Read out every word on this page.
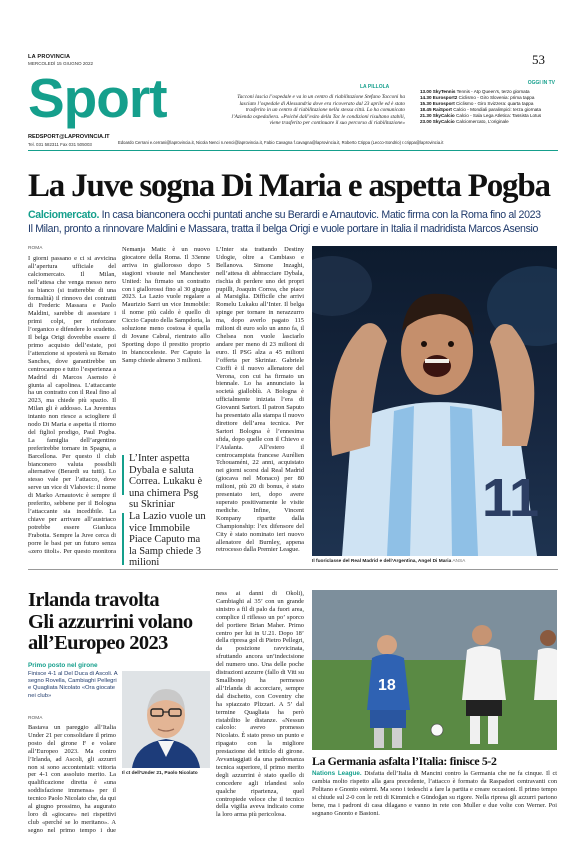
LA PROVINCIA
MERCOLEDÌ 15 GIUGNO 2022	53
Sport
REDSPORT@LAPROVINCIA.IT
Tel. 031 582311 Fax 031 505003
LA PILLOLA
Tacconi lascia l’ospedale e va in un centro di riabilitazione Stefano Tacconi ha lasciato l’ospedale di Alessandria dove era ricoverato dal 23 aprile ed è stato trasferito in un centro di riabilitazione nella stessa città. Lo ha comunicato l’Azienda ospedaliera. «Poiché dall’esito della Tac le condizioni risultano stabili, viene trasferito per continuare il suo percorso di riabilitazione»
OGGI IN TV
13.00 SkyTennis Tennis - Atp Queen’s, terzo giornata
14.30 Eurosport2 Ciclismo - Giro Slovenia: prima tappa
15.30 Eurosport Ciclismo - Giro Svizzera: quarta tappa
18.45 RaiSport Calcio - Mondiali paralimpici: terza giornata
21.30 SkyCalcio Calcio - Sala Lega Atletica: Tassista Lotus
23.00 SkyCalcio Calciomercato, L’originale
Edoardo Cerrani e.cerrani@laprovincia.it, Nicola Nenci n.nenci@laprovincia.it, Fabio Cavagna f.cavagna@laprovincia.it, Roberto Crippa (Lecco-Sondrio) r.crippa@laprovincia.it
La Juve sogna Di Maria e aspetta Pogba
Calciomercato. In casa bianconera occhi puntati anche su Berardi e Arnautovic. Matic firma con la Roma fino al 2023
Il Milan, pronto a rinnovare Maldini e Massara, tratta il belga Origi e vuole portare in Italia il madridista Marcos Asensio
ROMA
I giorni passano e ci si avvicina all’apertura ufficiale del calciomercato. Il Milan, nell’attesa che venga messo nero su bianco (si tratterebbe di una formalità) il rinnovo dei contratti di Frederic Massara e Paolo Maldini, sarebbe di assestare i primi colpi, per rinforzare l’organico e difendere lo scudetto. Il belga Origi dovrebbe essere il primo acquisto dell’estate, poi l’attenzione si sposterà su Renato Sanches, dove garantirebbe un centrocampo e tutto l’esperienza a Madrid di Marcos Asensio è giunta al capolinea. L’attaccante ha un contratto con il Real fino al 2023, ma chiede più spazio. Il Milan gli è addosso. La Juventus intanto non riesce a sciogliere il nodo Di Maria e aspetta il ritorno del figliol prodigo, Paul Pogba. La famiglia dell’argentino preferirebbe tornare in Spagna, a Barcellona. Per questo il club bianconero valuta possibili alternative (Berardi su tutti). Lo stesso vale per l’attacco, dove serve un vice di Vlahovic: il nome di Marko Arnautovic è sempre il preferito, sebbene per il Bologna l’attaccante sia incedibile. La chiave per arrivare all’austriaco potrebbe essere Gianluca Frabotta. Sempre la Juve cerca di porre le basi per un futuro senza «zero titoli». Per questo monitora
Nemanja Matic è un nuovo giocatore della Roma. Il 33enne arriva in giallorosso dopo 5 stagioni vissute nel Manchester United: ha firmato un contratto con i giallorossi fino al 30 giugno 2023. La Lazio vuole regalare a Maurizio Sarri un vice Immobile: il nome più caldo è quello di Ciccio Caputo della Sampdoria, la soluzione meno costosa è quella di Jovane Cabral, rientrato allo Sporting dopo il prestito proprio in biancoceleste. Per Caputo la Samp chiede almeno 3 milioni.
L’Inter aspetta Dybala e saluta Correa. Lukaku è una chimera Psg su Skriniar
La Lazio vuole un vice Immobile Piace Caputo ma la Samp chiede 3 milioni
L’Inter sta trattando Destiny Udogie, oltre a Cambiaso e Bellanova. Simone Inzaghi, nell’attesa di abbracciare Dybala, rischia di perdere uno dei propri pupilli, Joaquin Correa, che piace al Marsiglia. Difficile che arrivi Romelu Lukaku all’Inter. Il belga spinge per tornare in nerazzurro ma, dopo averlo pagato 115 milioni di euro solo un anno fa, il Chelsea non vuole lasciarlo andare per meno di 23 milioni di euro. Il PSG alza a 45 milioni l’offerta per Skriniar. Gabriele Cioffi è il nuovo allenatore del Verona, con cui ha firmato un biennale. Lo ha annunciato la società gialloblù. A Bologna è ufficialmente iniziata l’era di Giovanni Sartori. Il patron Saputo ha presentato alla stampa il nuovo direttore dell’area tecnica. Per Sartori Bologna è l’ennesima sfida, dopo quelle con il Chievo e l’Atalanta. All’estero il centrocampista francese Aurélien Tchouaméni, 22 anni, acquistato nei giorni scorsi dal Real Madrid (giocava nel Monaco) per 80 milioni, più 20 di bonus, è stato presentato ieri, dopo avere superato positivamente le visite mediche. Infine, Vincent Kompany ripartte dalla Championship: l’ex difensore del City è stato nominato ieri nuovo allenatore del Burnley, appena retrocesso dalla Premier League.
11
Il fuoriclasse del Real Madrid e dell’Argentina, Angel Di Maria ANSA
Irlanda travolta
Gli azzurrini volano
all’Europeo 2023
Primo posto nel girone
Finisce 4-1 al Del Duca di Ascoli. A segno Rovella, Cambiaghi Pellegri e Quagliata Nicolato «Ora giocate nei club»
ROMA
Bastava un pareggio all’Italia Under 21 per consolidare il primo posto del girone F e volare all’Europeo 2023. Ma contro l’Irlanda, ad Ascoli, gli azzurri non si sono accontentati: vittoria per 4-1 con assoluto merito. La qualificazione diretta è «una soddisfazione immensa» per il tecnico Paolo Nicolato che, da qui al giugno prossimo, ha augurato loro di «giocare» nei rispettivi club «perché se lo meritano». A segno nel primo tempo i due
Il ct dell’Under 21, Paolo Nicolato
ness ai danni di Okoli), Cambiaghi al 35’ con un grande sinistro a fil di palo da fuori area, complice il riflesso un po’ sporco del portiere Brian Maher. Primo centro per lui in U.21. Dopo 18’ della ripresa gol di Pietro Pellegri, da posizione ravvicinata, sfruttando ancora un’indecisione del numero uno. Una delle poche distrazioni azzurre (fallo di Viti su Smallbone) ha permesso all’Irlanda di accorciare, sempre dal dischetto, con Coventry che ha spiazzato Plizzari. A 5’ dal termine Quagliata ha però ristabilito le distanze. «Nessun calcolo: avevo promesso Nicolato. È stato preso un punto e ripagato con la migliore prestazione del triticlo di girone. Avvantaggiati da una padronanza tecnica superiore, il primo merito degli azzurrini è stato quello di concedere agli irlandesi solo qualche ripartenza, quel contropiede veloce che il tecnico della vigilia aveva indicato come la loro arma più pericolosa.
18
La Germania asfalta l’Italia: finisce 5-2
Nations League. Disfatta dell’Italia di Mancini contro la Germania che ne fa cinque. Il ct cambia molto rispetto alla gara precedente, l’attacco è formato da Raspadori centravanti con Politano e Gnonto esterni. Ma sono i tedeschi a fare la partita e creare occasioni. Il primo tempo si chiude sul 2-0 con le reti di Kimmich e Gündoğan su rigore. Nella ripresa gli azzurri partono bene, ma i padroni di casa dilagano e vanno in rete con Muller e due volte con Werner. Poi segnano Gnonto e Bastoni.
